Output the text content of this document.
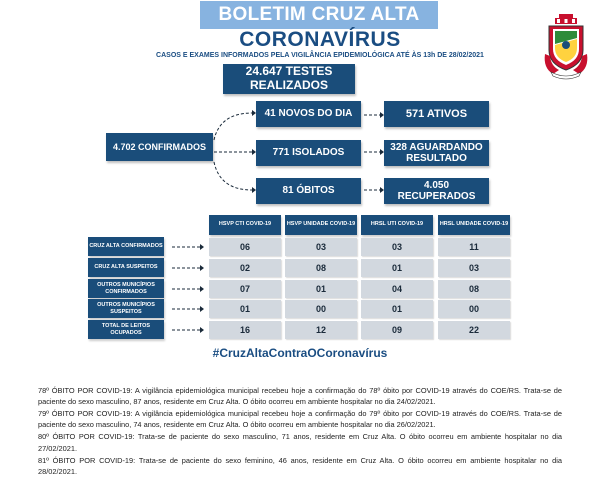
BOLETIM CRUZ ALTA
CORONAVÍRUS
CASOS E EXAMES INFORMADOS PELA VIGILÂNCIA EPIDEMIOLÓGICA ATÉ ÀS 13h DE 28/02/2021
24.647 TESTES REALIZADOS
41 NOVOS DO DIA	571 ATIVOS
4.702 CONFIRMADOS
771 ISOLADOS
328 AGUARDANDO RESULTADO
81 ÓBITOS
4.050 RECUPERADOS
HSVP CTI COVID-19	HSVP UNIDADE COVID-19	HRSL UTI COVID-19	HRSL UNIDADE COVID-19
CRUZ ALTA CONFIRMADOS	06	03	03	11
CRUZ ALTA SUSPEITOS	02	08	01	03
OUTROS MUNICÍPIOS CONFIRMADOS	07	01	04	08
OUTROS MUNICÍPIOS SUSPEITOS	01	00	01	00
TOTAL DE LEITOS OCUPADOS	16	12	09	22
#CruzAltaContraOCoronavírus

78º ÓBITO POR COVID-19: A vigilância epidemiológica municipal recebeu hoje a confirmação do 78º óbito por COVID-19 através do COE/RS. Trata-se de paciente do sexo masculino, 87 anos, residente em Cruz Alta. O óbito ocorreu em ambiente hospitalar no dia 24/02/2021.

79º ÓBITO POR COVID-19: A vigilância epidemiológica municipal recebeu hoje a confirmação do 79º óbito por COVID-19 através do COE/RS. Trata-se de paciente do sexo masculino, 74 anos, residente em Cruz Alta. O óbito ocorreu em ambiente hospitalar no dia 26/02/2021.

80º ÓBITO POR COVID-19: Trata-se de paciente do sexo masculino, 71 anos, residente em Cruz Alta. O óbito ocorreu em ambiente hospitalar no dia 27/02/2021.

81º ÓBITO POR COVID-19: Trata-se de paciente do sexo feminino, 46 anos, residente em Cruz Alta. O óbito ocorreu em ambiente hospitalar no dia 28/02/2021.
